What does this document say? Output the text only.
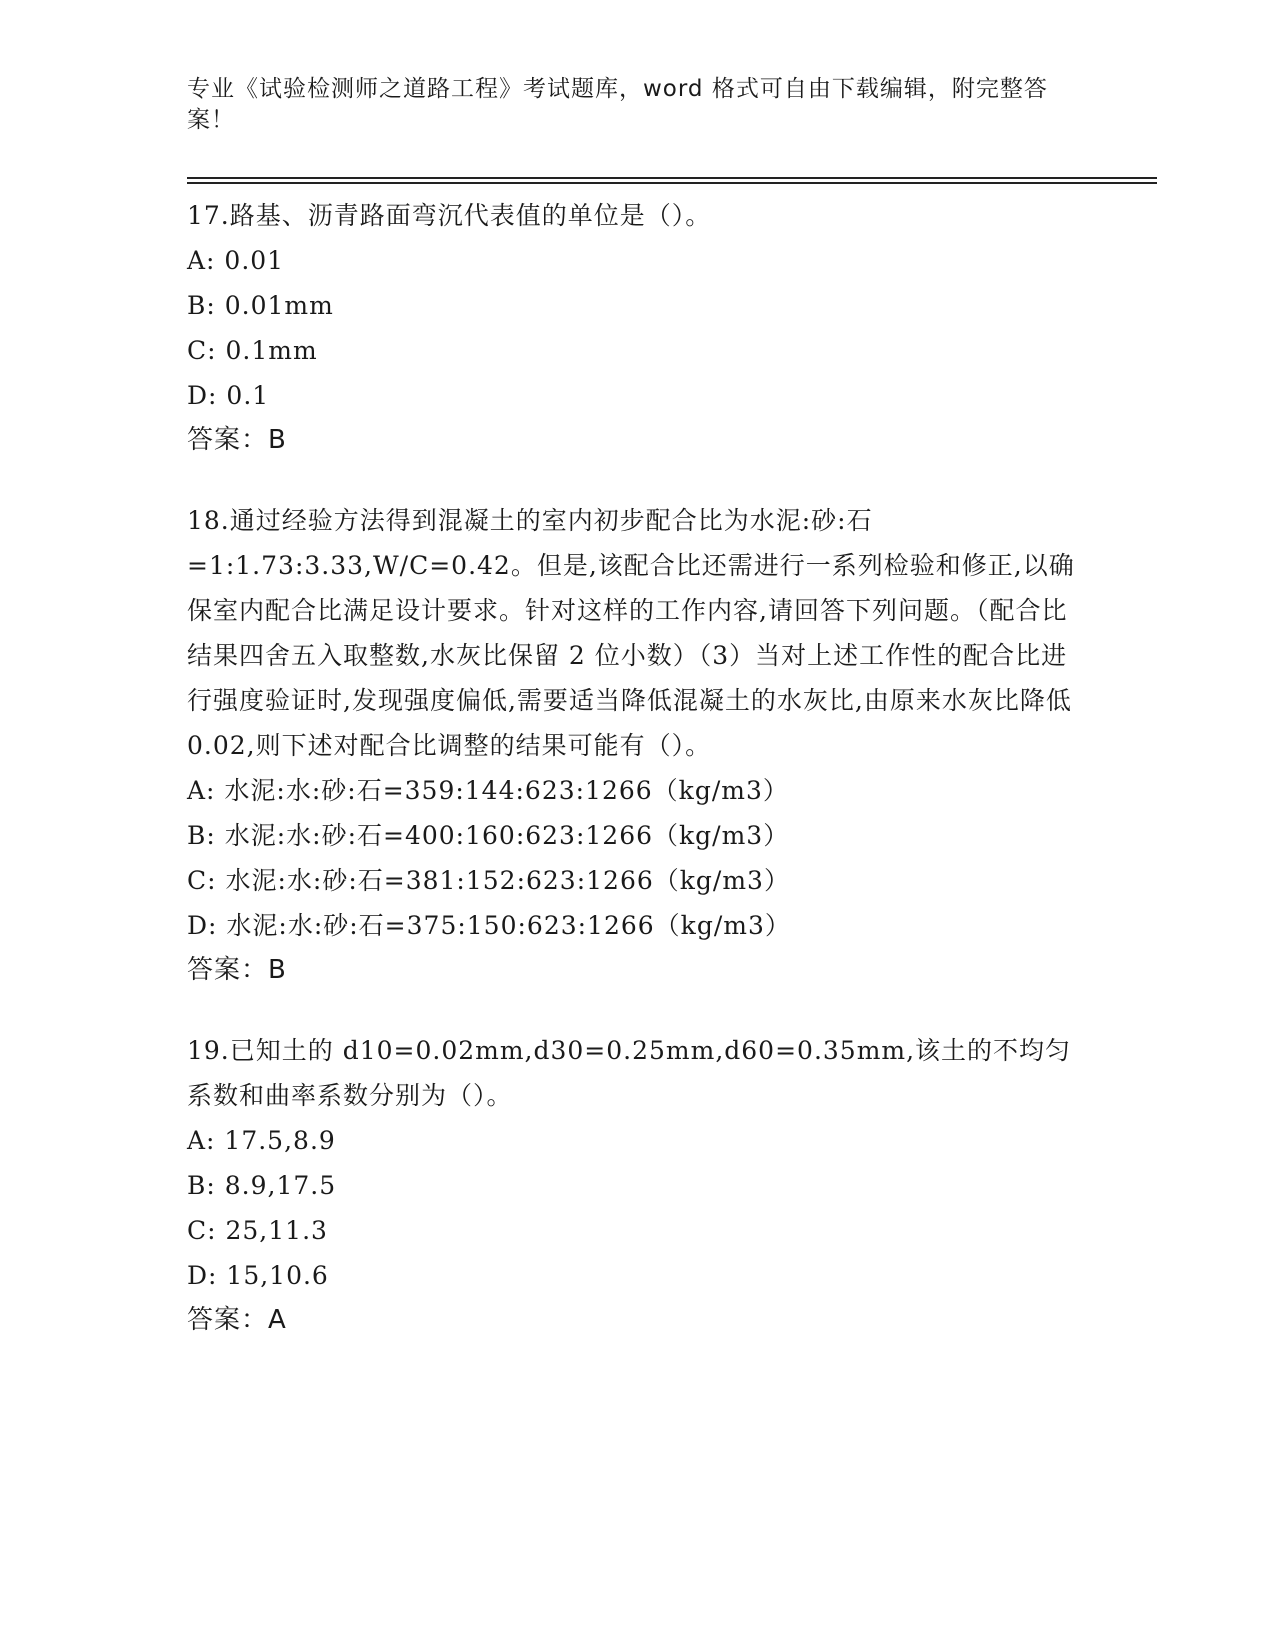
专业《试验检测师之道路工程》考试题库，word 格式可自由下载编辑，附完整答案！
17.路基、沥青路面弯沉代表值的单位是（）。
A: 0.01
B: 0.01mm
C: 0.1mm
D: 0.1
答案：B
18.通过经验方法得到混凝土的室内初步配合比为水泥:砂:石=1:1.73:3.33,W/C=0.42。但是,该配合比还需进行一系列检验和修正,以确保室内配合比满足设计要求。针对这样的工作内容,请回答下列问题。（配合比结果四舍五入取整数,水灰比保留 2 位小数）（3）当对上述工作性的配合比进行强度验证时,发现强度偏低,需要适当降低混凝土的水灰比,由原来水灰比降低 0.02,则下述对配合比调整的结果可能有（）。
A: 水泥:水:砂:石=359:144:623:1266（kg/m3）
B: 水泥:水:砂:石=400:160:623:1266（kg/m3）
C: 水泥:水:砂:石=381:152:623:1266（kg/m3）
D: 水泥:水:砂:石=375:150:623:1266（kg/m3）
答案：B
19.已知土的 d10=0.02mm,d30=0.25mm,d60=0.35mm,该土的不均匀系数和曲率系数分别为（）。
A: 17.5,8.9
B: 8.9,17.5
C: 25,11.3
D: 15,10.6
答案：A
